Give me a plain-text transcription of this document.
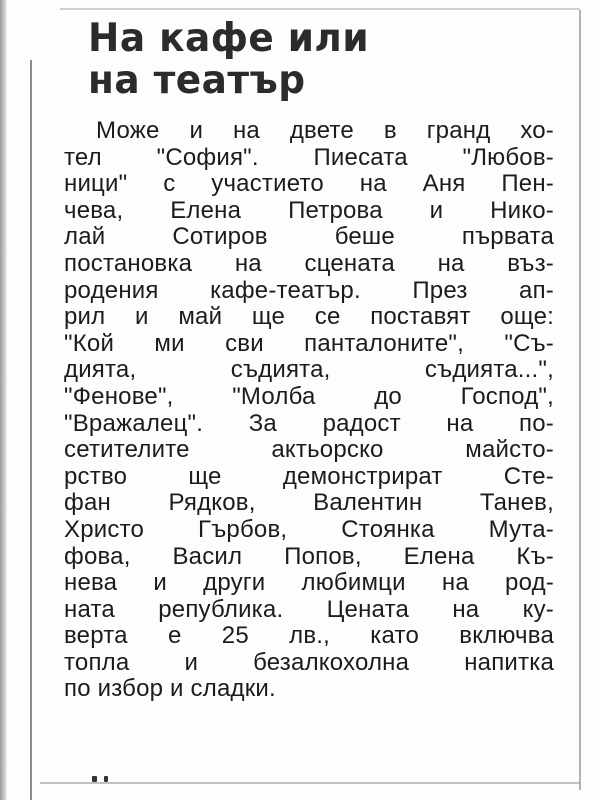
На кафе или
на театър
Може и на двете в гранд хо-
тел "София". Пиесата "Любов-
ници" с участието на Аня Пен-
чева, Елена Петрова и Нико-
лай Сотиров беше първата
постановка на сцената на въз-
родения кафе-театър. През ап-
рил и май ще се поставят още:
"Кой ми сви панталоните", "Съ-
дията, съдията, съдията...",
"Фенове", "Молба до Господ",
"Вражалец". За радост на по-
сетителите актьорско майсто-
рство ще демонстрират Сте-
фан Рядков, Валентин Танев,
Христо Гърбов, Стоянка Мута-
фова, Васил Попов, Елена Къ-
нева и други любимци на род-
ната република. Цената на ку-
верта е 25 лв., като включва
топла и безалкохолна напитка
по избор и сладки.
